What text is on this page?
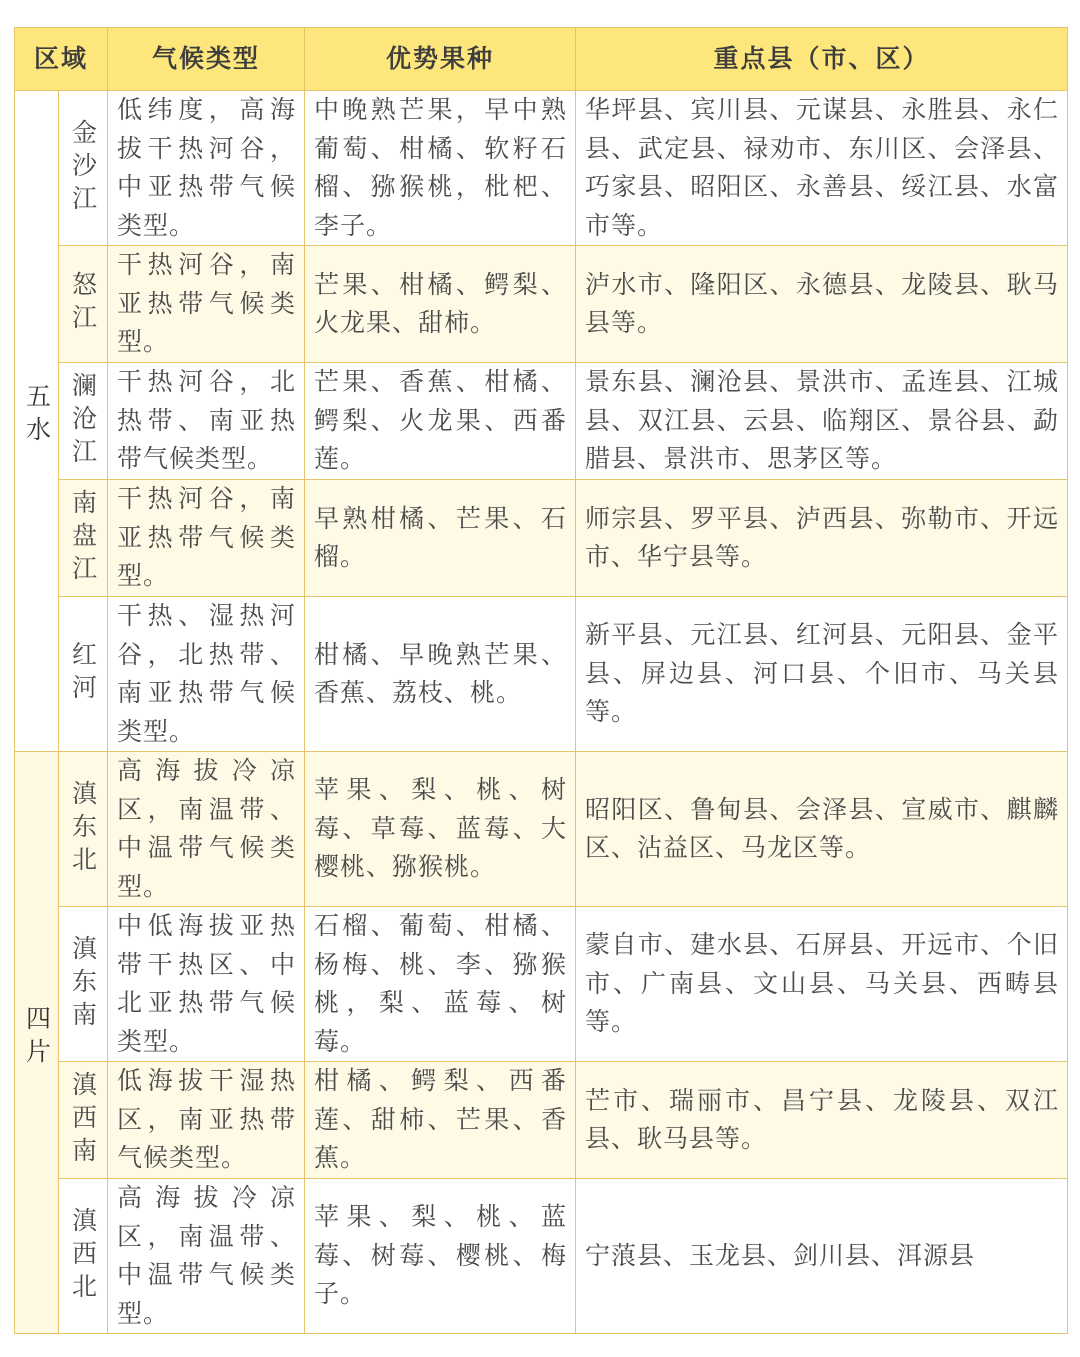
区域		气候类型	优势果种	重点县（市、区）
五水	金沙江	低纬度，高海拔干热河谷，中亚热带气候类型。	中晚熟芒果，早中熟葡萄、柑橘、软籽石榴、猕猴桃，枇杷、李子。	华坪县、宾川县、元谋县、永胜县、永仁县、武定县、禄劝市、东川区、会泽县、巧家县、昭阳区、永善县、绥江县、水富市等。
	怒江	干热河谷，南亚热带气候类型。	芒果、柑橘、鳄梨、火龙果、甜柿。	泸水市、隆阳区、永德县、龙陵县、耿马县等。
	澜沧江	干热河谷，北热带、南亚热带气候类型。	芒果、香蕉、柑橘、鳄梨、火龙果、西番莲。	景东县、澜沧县、景洪市、孟连县、江城县、双江县、云县、临翔区、景谷县、勐腊县、景洪市、思茅区等。
	南盘江	干热河谷，南亚热带气候类型。	早熟柑橘、芒果、石榴。	师宗县、罗平县、泸西县、弥勒市、开远市、华宁县等。
	红河	干热、湿热河谷，北热带、南亚热带气候类型。	柑橘、早晚熟芒果、香蕉、荔枝、桃。	新平县、元江县、红河县、元阳县、金平县、屏边县、河口县、个旧市、马关县等。
四片	滇东北	高海拔冷凉区，南温带、中温带气候类型。	苹果、梨、桃、树莓、草莓、蓝莓、大樱桃、猕猴桃。	昭阳区、鲁甸县、会泽县、宣威市、麒麟区、沾益区、马龙区等。
	滇东南	中低海拔亚热带干热区、中北亚热带气候类型。	石榴、葡萄、柑橘、杨梅、桃、李、猕猴桃，梨、蓝莓、树莓。	蒙自市、建水县、石屏县、开远市、个旧市、广南县、文山县、马关县、西畴县等。
	滇西南	低海拔干湿热区，南亚热带气候类型。	柑橘、鳄梨、西番莲、甜柿、芒果、香蕉。	芒市、瑞丽市、昌宁县、龙陵县、双江县、耿马县等。
	滇西北	高海拔冷凉区，南温带、中温带气候类型。	苹果、梨、桃、蓝莓、树莓、樱桃、梅子。	宁蒗县、玉龙县、剑川县、洱源县
